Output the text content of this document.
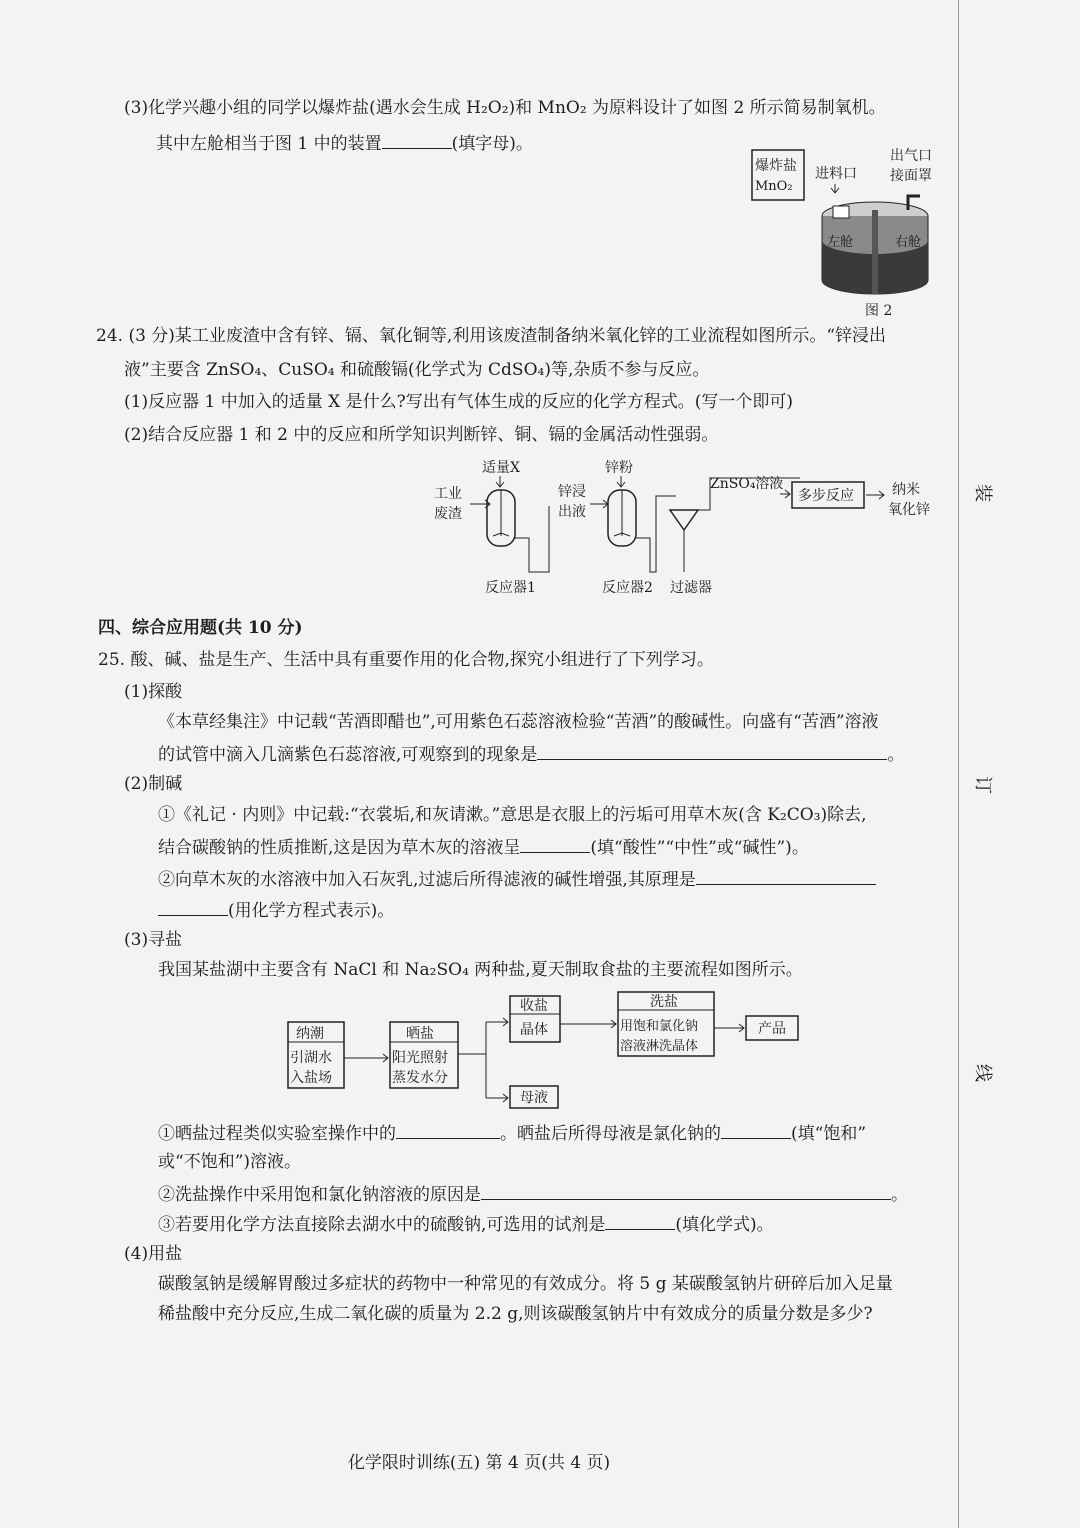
(3)化学兴趣小组的同学以爆炸盐(遇水会生成 H₂O₂)和 MnO₂ 为原料设计了如图 2 所示简易制氧机。
其中左舱相当于图 1 中的装置	(填字母)。
爆炸盐
MnO₂
进料口
出气口
接面罩
左舱	右舱
图 2
24. (3 分)某工业废渣中含有锌、镉、氧化铜等,利用该废渣制备纳米氧化锌的工业流程如图所示。“锌浸出
液”主要含 ZnSO₄、CuSO₄ 和硫酸镉(化学式为 CdSO₄)等,杂质不参与反应。
(1)反应器 1 中加入的适量 X 是什么?写出有气体生成的反应的化学方程式。(写一个即可)
(2)结合反应器 1 和 2 中的反应和所学知识判断锌、铜、镉的金属活动性强弱。
适量X	锌粉
工业
废渣
反应器1
锌浸
出液
反应器2 过滤器
ZnSO₄溶液
多步反应	纳米
氧化锌
四、综合应用题(共 10 分)
25. 酸、碱、盐是生产、生活中具有重要作用的化合物,探究小组进行了下列学习。
(1)探酸
《本草经集注》中记载“苦酒即醋也”,可用紫色石蕊溶液检验“苦酒”的酸碱性。向盛有“苦酒”溶液
的试管中滴入几滴紫色石蕊溶液,可观察到的现象是	。
(2)制碱
①《礼记 · 内则》中记载:“衣裳垢,和灰请漱。”意思是衣服上的污垢可用草木灰(含 K₂CO₃)除去,
结合碳酸钠的性质推断,这是因为草木灰的溶液呈	(填“酸性”“中性”或“碱性”)。
②向草木灰的水溶液中加入石灰乳,过滤后所得滤液的碱性增强,其原理是
(用化学方程式表示)。
(3)寻盐
我国某盐湖中主要含有 NaCl 和 Na₂SO₄ 两种盐,夏天制取食盐的主要流程如图所示。
纳潮
引湖水
入盐场
晒盐
阳光照射
蒸发水分
收盐
晶体
母液
洗盐
用饱和氯化钠
溶液淋洗晶体
产品
①晒盐过程类似实验室操作中的	。晒盐后所得母液是氯化钠的	(填“饱和”
或“不饱和”)溶液。
②洗盐操作中采用饱和氯化钠溶液的原因是	。
③若要用化学方法直接除去湖水中的硫酸钠,可选用的试剂是	(填化学式)。
(4)用盐
碳酸氢钠是缓解胃酸过多症状的药物中一种常见的有效成分。将 5 g 某碳酸氢钠片研碎后加入足量
稀盐酸中充分反应,生成二氧化碳的质量为 2.2 g,则该碳酸氢钠片中有效成分的质量分数是多少?
装
订
线
化学限时训练(五) 第 4 页(共 4 页)
